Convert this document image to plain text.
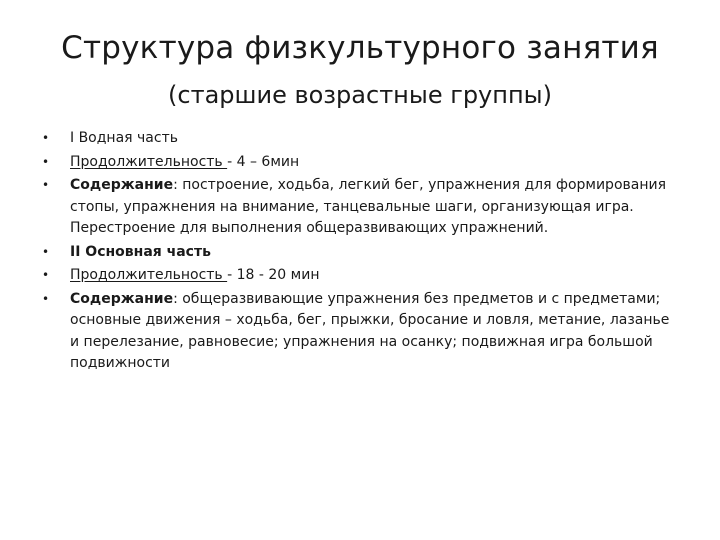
Структура физкультурного занятия
(старшие возрастные группы)
• I Водная часть
• Продолжительность - 4 – 6мин
• Содержание: построение, ходьба, легкий бег, упражнения для формирования стопы, упражнения на внимание, танцевальные шаги, организующая игра. Перестроение для выполнения общеразвивающих упражнений.
• II Основная часть
• Продолжительность - 18 - 20 мин
• Содержание: общеразвивающие упражнения без предметов и с предметами; основные движения – ходьба, бег, прыжки, бросание и ловля, метание, лазанье и перелезание, равновесие; упражнения на осанку; подвижная игра большой подвижности
